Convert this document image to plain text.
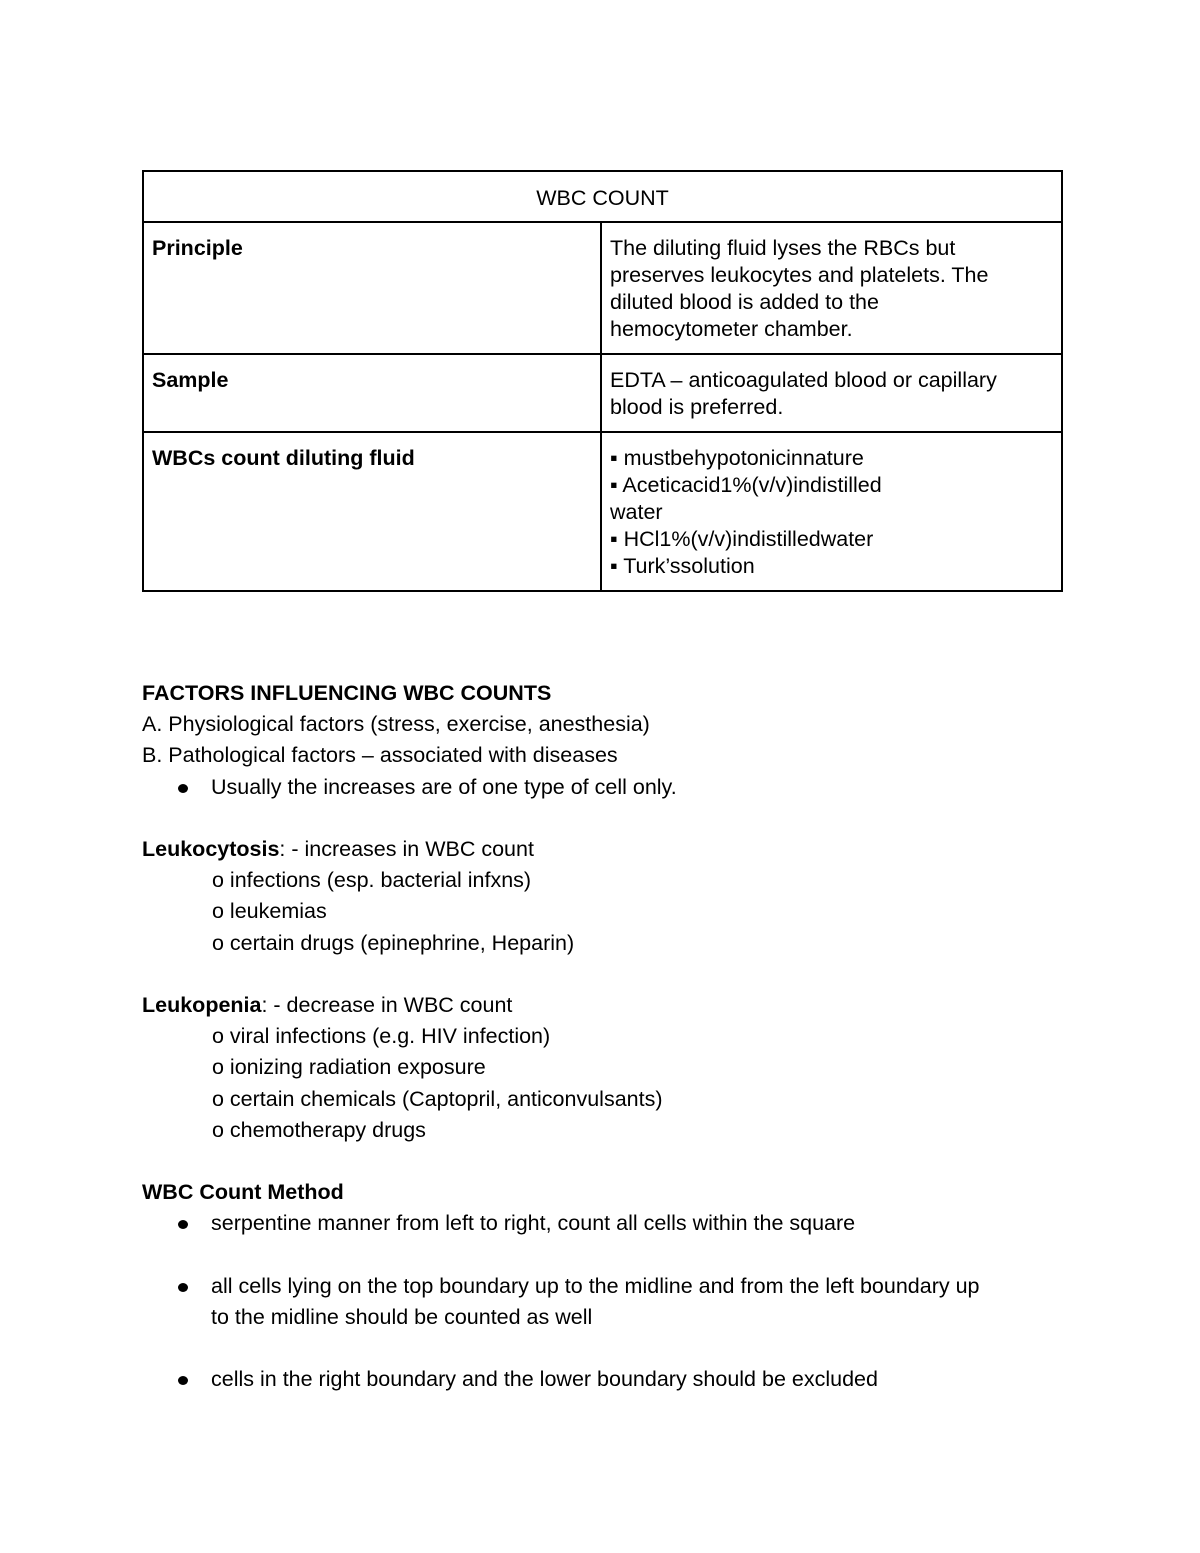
WBC COUNT	
Principle	The diluting fluid lyses the RBCs but
preserves leukocytes and platelets. The
diluted blood is added to the
hemocytometer chamber.

Sample	EDTA – anticoagulated blood or capillary
blood is preferred.

WBCs count diluting fluid	▪ mustbehypotonicinnature
▪ Aceticacid1%(v/v)indistilled
water
▪ HCl1%(v/v)indistilledwater
▪ Turk’ssolution
FACTORS INFLUENCING WBC COUNTS
A. Physiological factors (stress, exercise, anesthesia)
B. Pathological factors – associated with diseases
Usually the increases are of one type of cell only.
Leukocytosis: - increases in WBC count
o infections (esp. bacterial infxns)
o leukemias
o certain drugs (epinephrine, Heparin)
Leukopenia: - decrease in WBC count
o viral infections (e.g. HIV infection)
o ionizing radiation exposure
o certain chemicals (Captopril, anticonvulsants)
o chemotherapy drugs
WBC Count Method
serpentine manner from left to right, count all cells within the square
all cells lying on the top boundary up to the midline and from the left boundary up
to the midline should be counted as well
cells in the right boundary and the lower boundary should be excluded
